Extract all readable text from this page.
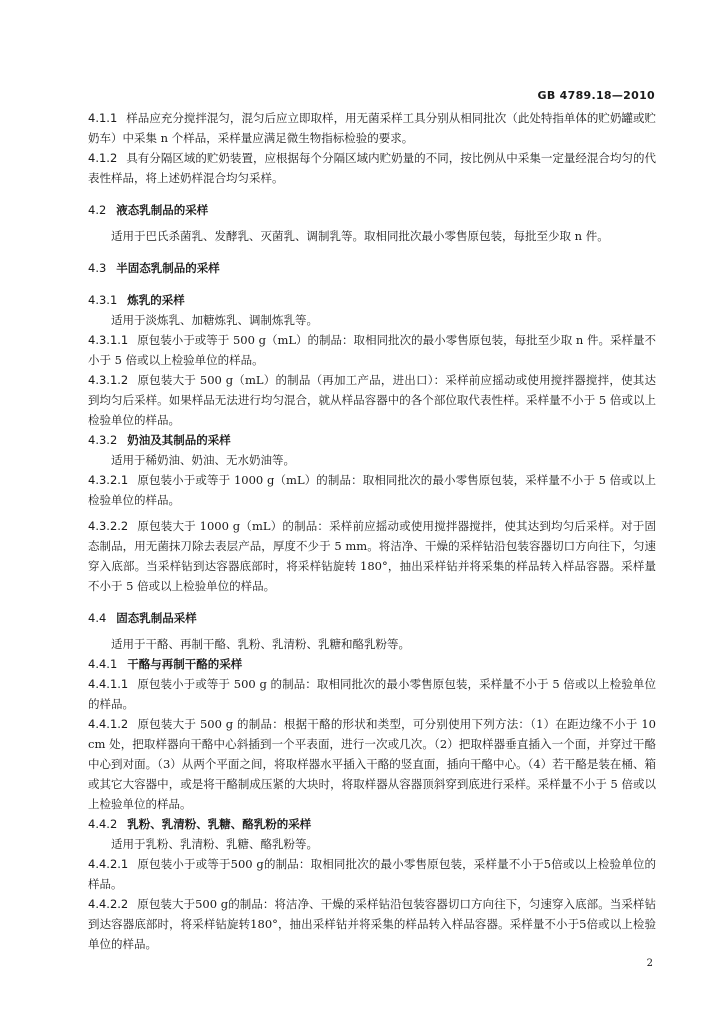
GB 4789.18—2010

4.1.1 样品应充分搅拌混匀，混匀后应立即取样，用无菌采样工具分别从相同批次（此处特指单体的贮奶罐或贮奶车）中采集 n 个样品，采样量应满足微生物指标检验的要求。

4.1.2 具有分隔区域的贮奶装置，应根据每个分隔区域内贮奶量的不同，按比例从中采集一定量经混合均匀的代表性样品，将上述奶样混合均匀采样。

4.2 液态乳制品的采样

适用于巴氏杀菌乳、发酵乳、灭菌乳、调制乳等。取相同批次最小零售原包装，每批至少取 n 件。

4.3 半固态乳制品的采样

4.3.1 炼乳的采样

适用于淡炼乳、加糖炼乳、调制炼乳等。

4.3.1.1 原包装小于或等于 500 g（mL）的制品：取相同批次的最小零售原包装，每批至少取 n 件。采样量不小于 5 倍或以上检验单位的样品。

4.3.1.2 原包装大于 500 g（mL）的制品（再加工产品，进出口）：采样前应摇动或使用搅拌器搅拌，使其达到均匀后采样。如果样品无法进行均匀混合，就从样品容器中的各个部位取代表性样。采样量不小于 5 倍或以上检验单位的样品。

4.3.2 奶油及其制品的采样

适用于稀奶油、奶油、无水奶油等。

4.3.2.1 原包装小于或等于 1000 g（mL）的制品：取相同批次的最小零售原包装，采样量不小于 5 倍或以上检验单位的样品。

4.3.2.2 原包装大于 1000 g（mL）的制品：采样前应摇动或使用搅拌器搅拌，使其达到均匀后采样。对于固态制品，用无菌抹刀除去表层产品，厚度不少于 5 mm。将洁净、干燥的采样钻沿包装容器切口方向往下，匀速穿入底部。当采样钻到达容器底部时，将采样钻旋转 180°，抽出采样钻并将采集的样品转入样品容器。采样量不小于 5 倍或以上检验单位的样品。

4.4 固态乳制品采样

适用于干酪、再制干酪、乳粉、乳清粉、乳糖和酪乳粉等。

4.4.1 干酪与再制干酪的采样

4.4.1.1 原包装小于或等于 500 g 的制品：取相同批次的最小零售原包装，采样量不小于 5 倍或以上检验单位的样品。

4.4.1.2 原包装大于 500 g 的制品：根据干酪的形状和类型，可分别使用下列方法：（1）在距边缘不小于 10 cm 处，把取样器向干酪中心斜插到一个平表面，进行一次或几次。（2）把取样器垂直插入一个面，并穿过干酪中心到对面。（3）从两个平面之间，将取样器水平插入干酪的竖直面，插向干酪中心。（4）若干酪是装在桶、箱或其它大容器中，或是将干酪制成压紧的大块时，将取样器从容器顶斜穿到底进行采样。采样量不小于 5 倍或以上检验单位的样品。

4.4.2 乳粉、乳清粉、乳糖、酪乳粉的采样

适用于乳粉、乳清粉、乳糖、酪乳粉等。

4.4.2.1 原包装小于或等于500 g的制品：取相同批次的最小零售原包装，采样量不小于5倍或以上检验单位的样品。

4.4.2.2 原包装大于500 g的制品：将洁净、干燥的采样钻沿包装容器切口方向往下，匀速穿入底部。当采样钻到达容器底部时，将采样钻旋转180°，抽出采样钻并将采集的样品转入样品容器。采样量不小于5倍或以上检验单位的样品。

2
